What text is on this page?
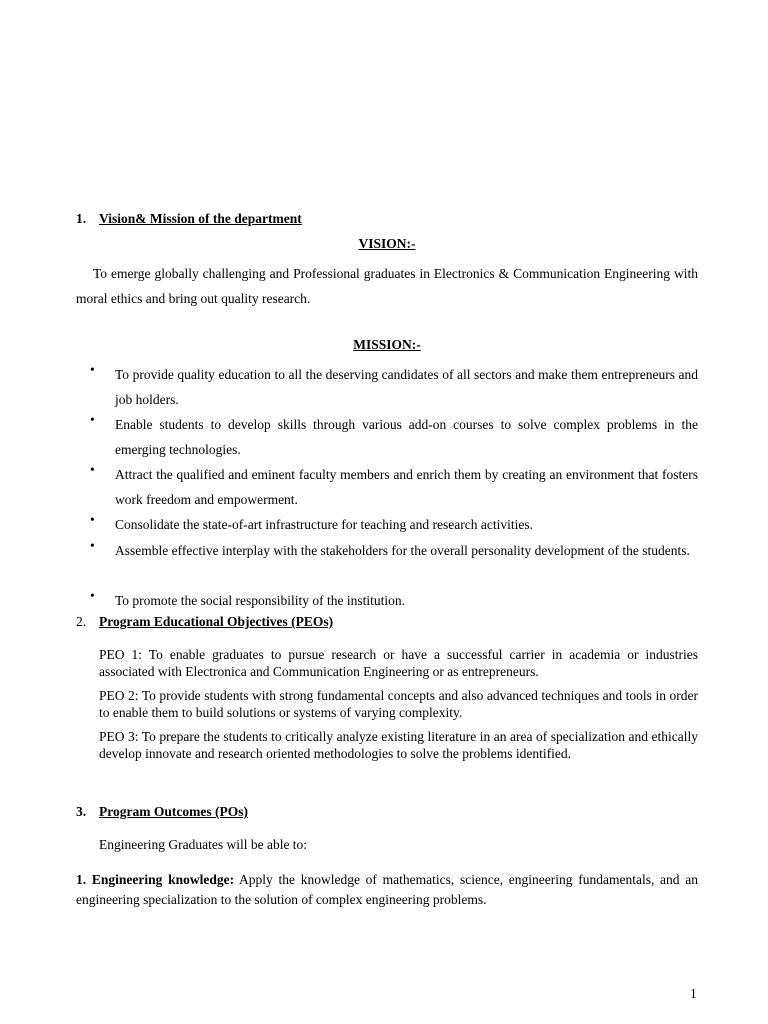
1. Vision& Mission of the department
VISION:-
To emerge globally challenging and Professional graduates in Electronics & Communication Engineering with moral ethics and bring out quality research.
MISSION:-
• To provide quality education to all the deserving candidates of all sectors and make them entrepreneurs and job holders.
• Enable students to develop skills through various add-on courses to solve complex problems in the emerging technologies.
• Attract the qualified and eminent faculty members and enrich them by creating an environment that fosters work freedom and empowerment.
• Consolidate the state-of-art infrastructure for teaching and research activities.
• Assemble effective interplay with the stakeholders for the overall personality development of the students.
• To promote the social responsibility of the institution.
2. Program Educational Objectives (PEOs)
PEO 1: To enable graduates to pursue research or have a successful carrier in academia or industries associated with Electronica and Communication Engineering or as entrepreneurs.
PEO 2: To provide students with strong fundamental concepts and also advanced techniques and tools in order to enable them to build solutions or systems of varying complexity.
PEO 3: To prepare the students to critically analyze existing literature in an area of specialization and ethically develop innovate and research oriented methodologies to solve the problems identified.
3. Program Outcomes (POs)
Engineering Graduates will be able to:
1. Engineering knowledge: Apply the knowledge of mathematics, science, engineering fundamentals, and an engineering specialization to the solution of complex engineering problems.
1
